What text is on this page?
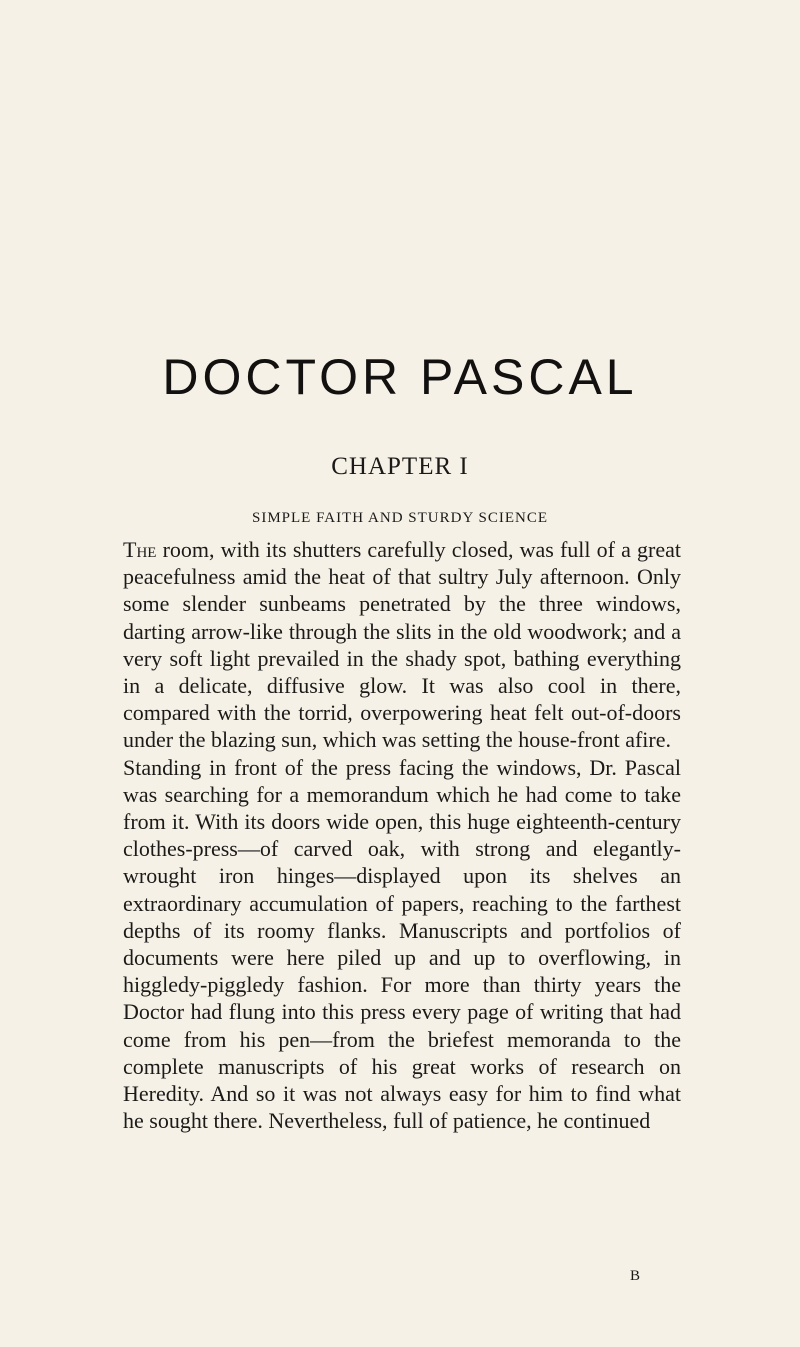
DOCTOR PASCAL
CHAPTER I
SIMPLE FAITH AND STURDY SCIENCE

The room, with its shutters carefully closed, was full of a great peacefulness amid the heat of that sultry July afternoon. Only some slender sunbeams penetrated by the three windows, darting arrow-like through the slits in the old woodwork; and a very soft light prevailed in the shady spot, bathing everything in a delicate, diffusive glow. It was also cool in there, compared with the torrid, overpowering heat felt out-of-doors under the blazing sun, which was setting the house-front afire.

Standing in front of the press facing the windows, Dr. Pascal was searching for a memorandum which he had come to take from it. With its doors wide open, this huge eighteenth-century clothes-press—of carved oak, with strong and elegantly-wrought iron hinges—displayed upon its shelves an extraordinary accumulation of papers, reaching to the farthest depths of its roomy flanks. Manuscripts and portfolios of documents were here piled up and up to overflowing, in higgledy-piggledy fashion. For more than thirty years the Doctor had flung into this press every page of writing that had come from his pen—from the briefest memoranda to the complete manuscripts of his great works of research on Heredity. And so it was not always easy for him to find what he sought there. Nevertheless, full of patience, he continued

B
